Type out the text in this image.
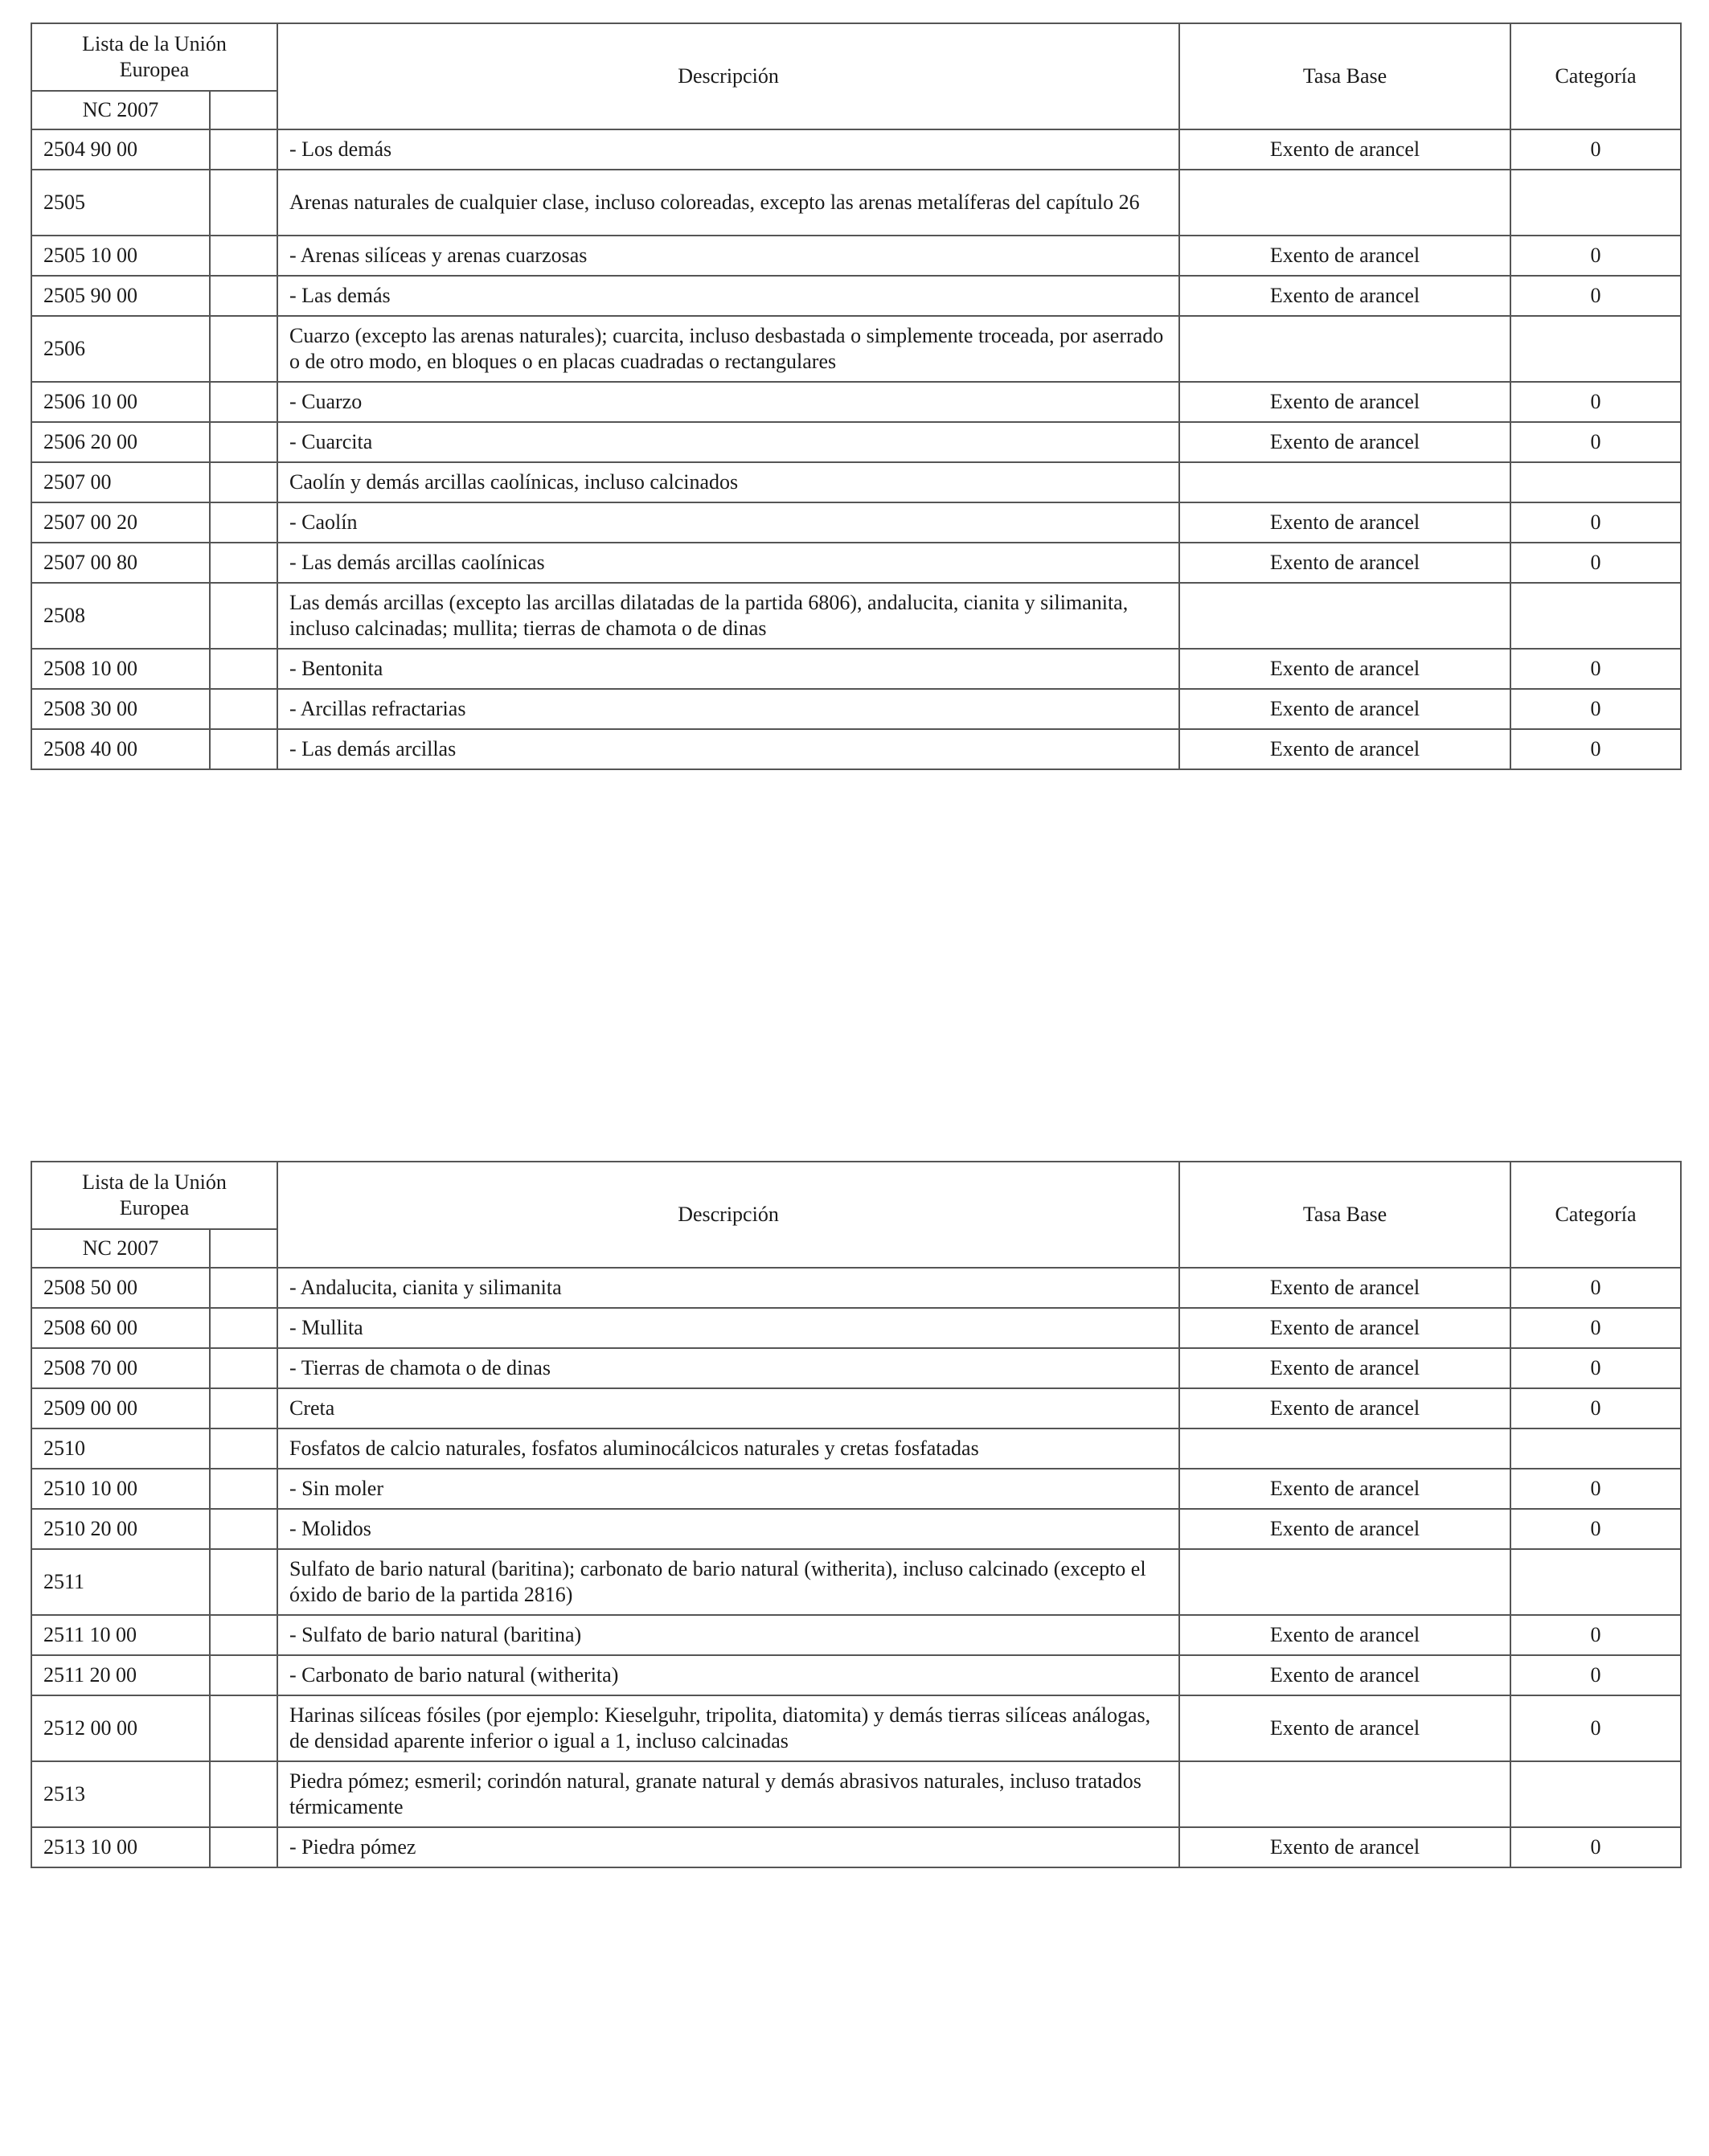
Lista de la Unión Europea		Descripción	Tasa Base	Categoría
NC 2007				
2504 90 00		- Los demás	Exento de arancel	0
2505		Arenas naturales de cualquier clase, incluso coloreadas, excepto las arenas metalíferas del capítulo 26		
2505 10 00		- Arenas silíceas y arenas cuarzosas	Exento de arancel	0
2505 90 00		- Las demás	Exento de arancel	0
2506		Cuarzo (excepto las arenas naturales); cuarcita, incluso desbastada o simplemente troceada, por aserrado o de otro modo, en bloques o en placas cuadradas o rectangulares		
2506 10 00		- Cuarzo	Exento de arancel	0
2506 20 00		- Cuarcita	Exento de arancel	0
2507 00		Caolín y demás arcillas caolínicas, incluso calcinados		
2507 00 20		- Caolín	Exento de arancel	0
2507 00 80		- Las demás arcillas caolínicas	Exento de arancel	0
2508		Las demás arcillas (excepto las arcillas dilatadas de la partida 6806), andalucita, cianita y silimanita, incluso calcinadas; mullita; tierras de chamota o de dinas		
2508 10 00		- Bentonita	Exento de arancel	0
2508 30 00		- Arcillas refractarias	Exento de arancel	0
2508 40 00		- Las demás arcillas	Exento de arancel	0
Lista de la Unión Europea		Descripción	Tasa Base	Categoría
NC 2007				
2508 50 00		- Andalucita, cianita y silimanita	Exento de arancel	0
2508 60 00		- Mullita	Exento de arancel	0
2508 70 00		- Tierras de chamota o de dinas	Exento de arancel	0
2509 00 00		Creta	Exento de arancel	0
2510		Fosfatos de calcio naturales, fosfatos aluminocálcicos naturales y cretas fosfatadas		
2510 10 00		- Sin moler	Exento de arancel	0
2510 20 00		- Molidos	Exento de arancel	0
2511		Sulfato de bario natural (baritina); carbonato de bario natural (witherita), incluso calcinado (excepto el óxido de bario de la partida 2816)		
2511 10 00		- Sulfato de bario natural (baritina)	Exento de arancel	0
2511 20 00		- Carbonato de bario natural (witherita)	Exento de arancel	0
2512 00 00		Harinas silíceas fósiles (por ejemplo: Kieselguhr, tripolita, diatomita) y demás tierras silíceas análogas, de densidad aparente inferior o igual a 1, incluso calcinadas	Exento de arancel	0
2513		Piedra pómez; esmeril; corindón natural, granate natural y demás abrasivos naturales, incluso tratados térmicamente		
2513 10 00		- Piedra pómez	Exento de arancel	0
